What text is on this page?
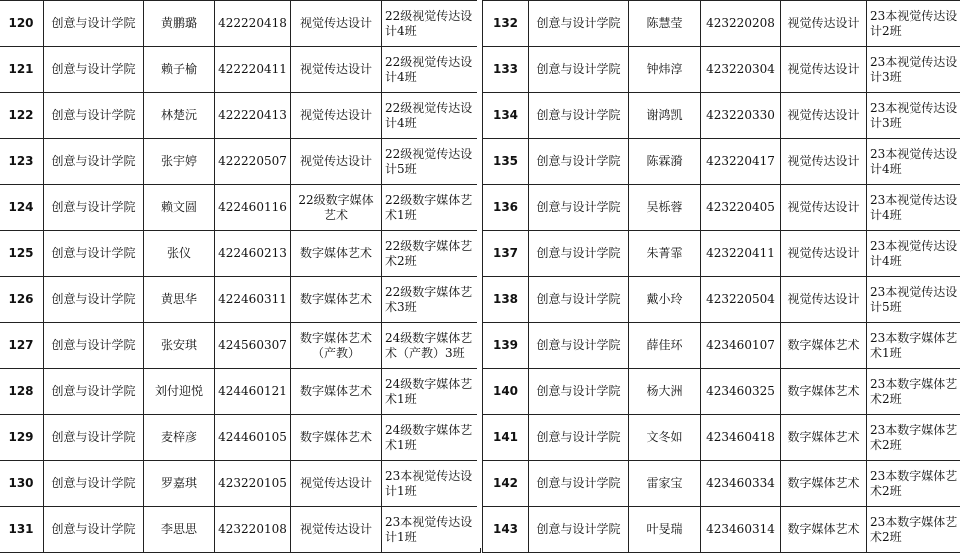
120	创意与设计学院	黄鹏璐	422220418	视觉传达设计	22级视觉传达设计4班
121	创意与设计学院	赖子榆	422220411	视觉传达设计	22级视觉传达设计4班
122	创意与设计学院	林楚沅	422220413	视觉传达设计	22级视觉传达设计4班
123	创意与设计学院	张宇婷	422220507	视觉传达设计	22级视觉传达设计5班
124	创意与设计学院	赖文圆	422460116	22级数字媒体艺术	22级数字媒体艺术1班
125	创意与设计学院	张仪	422460213	数字媒体艺术	22级数字媒体艺术2班
126	创意与设计学院	黄思华	422460311	数字媒体艺术	22级数字媒体艺术3班
127	创意与设计学院	张安琪	424560307	数字媒体艺术（产教）	24级数字媒体艺术（产教）3班
128	创意与设计学院	刘付迎悦	424460121	数字媒体艺术	24级数字媒体艺术1班
129	创意与设计学院	麦梓彦	424460105	数字媒体艺术	24级数字媒体艺术1班
130	创意与设计学院	罗嘉琪	423220105	视觉传达设计	23本视觉传达设计1班
131	创意与设计学院	李思思	423220108	视觉传达设计	23本视觉传达设计1班
132	创意与设计学院	陈慧莹	423220208	视觉传达设计	23本视觉传达设计2班
133	创意与设计学院	钟炜淳	423220304	视觉传达设计	23本视觉传达设计3班
134	创意与设计学院	谢鸿凯	423220330	视觉传达设计	23本视觉传达设计3班
135	创意与设计学院	陈霖漪	423220417	视觉传达设计	23本视觉传达设计4班
136	创意与设计学院	吴栎蓉	423220405	视觉传达设计	23本视觉传达设计4班
137	创意与设计学院	朱菁霏	423220411	视觉传达设计	23本视觉传达设计4班
138	创意与设计学院	戴小玲	423220504	视觉传达设计	23本视觉传达设计5班
139	创意与设计学院	薛佳环	423460107	数字媒体艺术	23本数字媒体艺术1班
140	创意与设计学院	杨大洲	423460325	数字媒体艺术	23本数字媒体艺术2班
141	创意与设计学院	文冬如	423460418	数字媒体艺术	23本数字媒体艺术2班
142	创意与设计学院	雷家宝	423460334	数字媒体艺术	23本数字媒体艺术2班
143	创意与设计学院	叶旻瑞	423460314	数字媒体艺术	23本数字媒体艺术2班
